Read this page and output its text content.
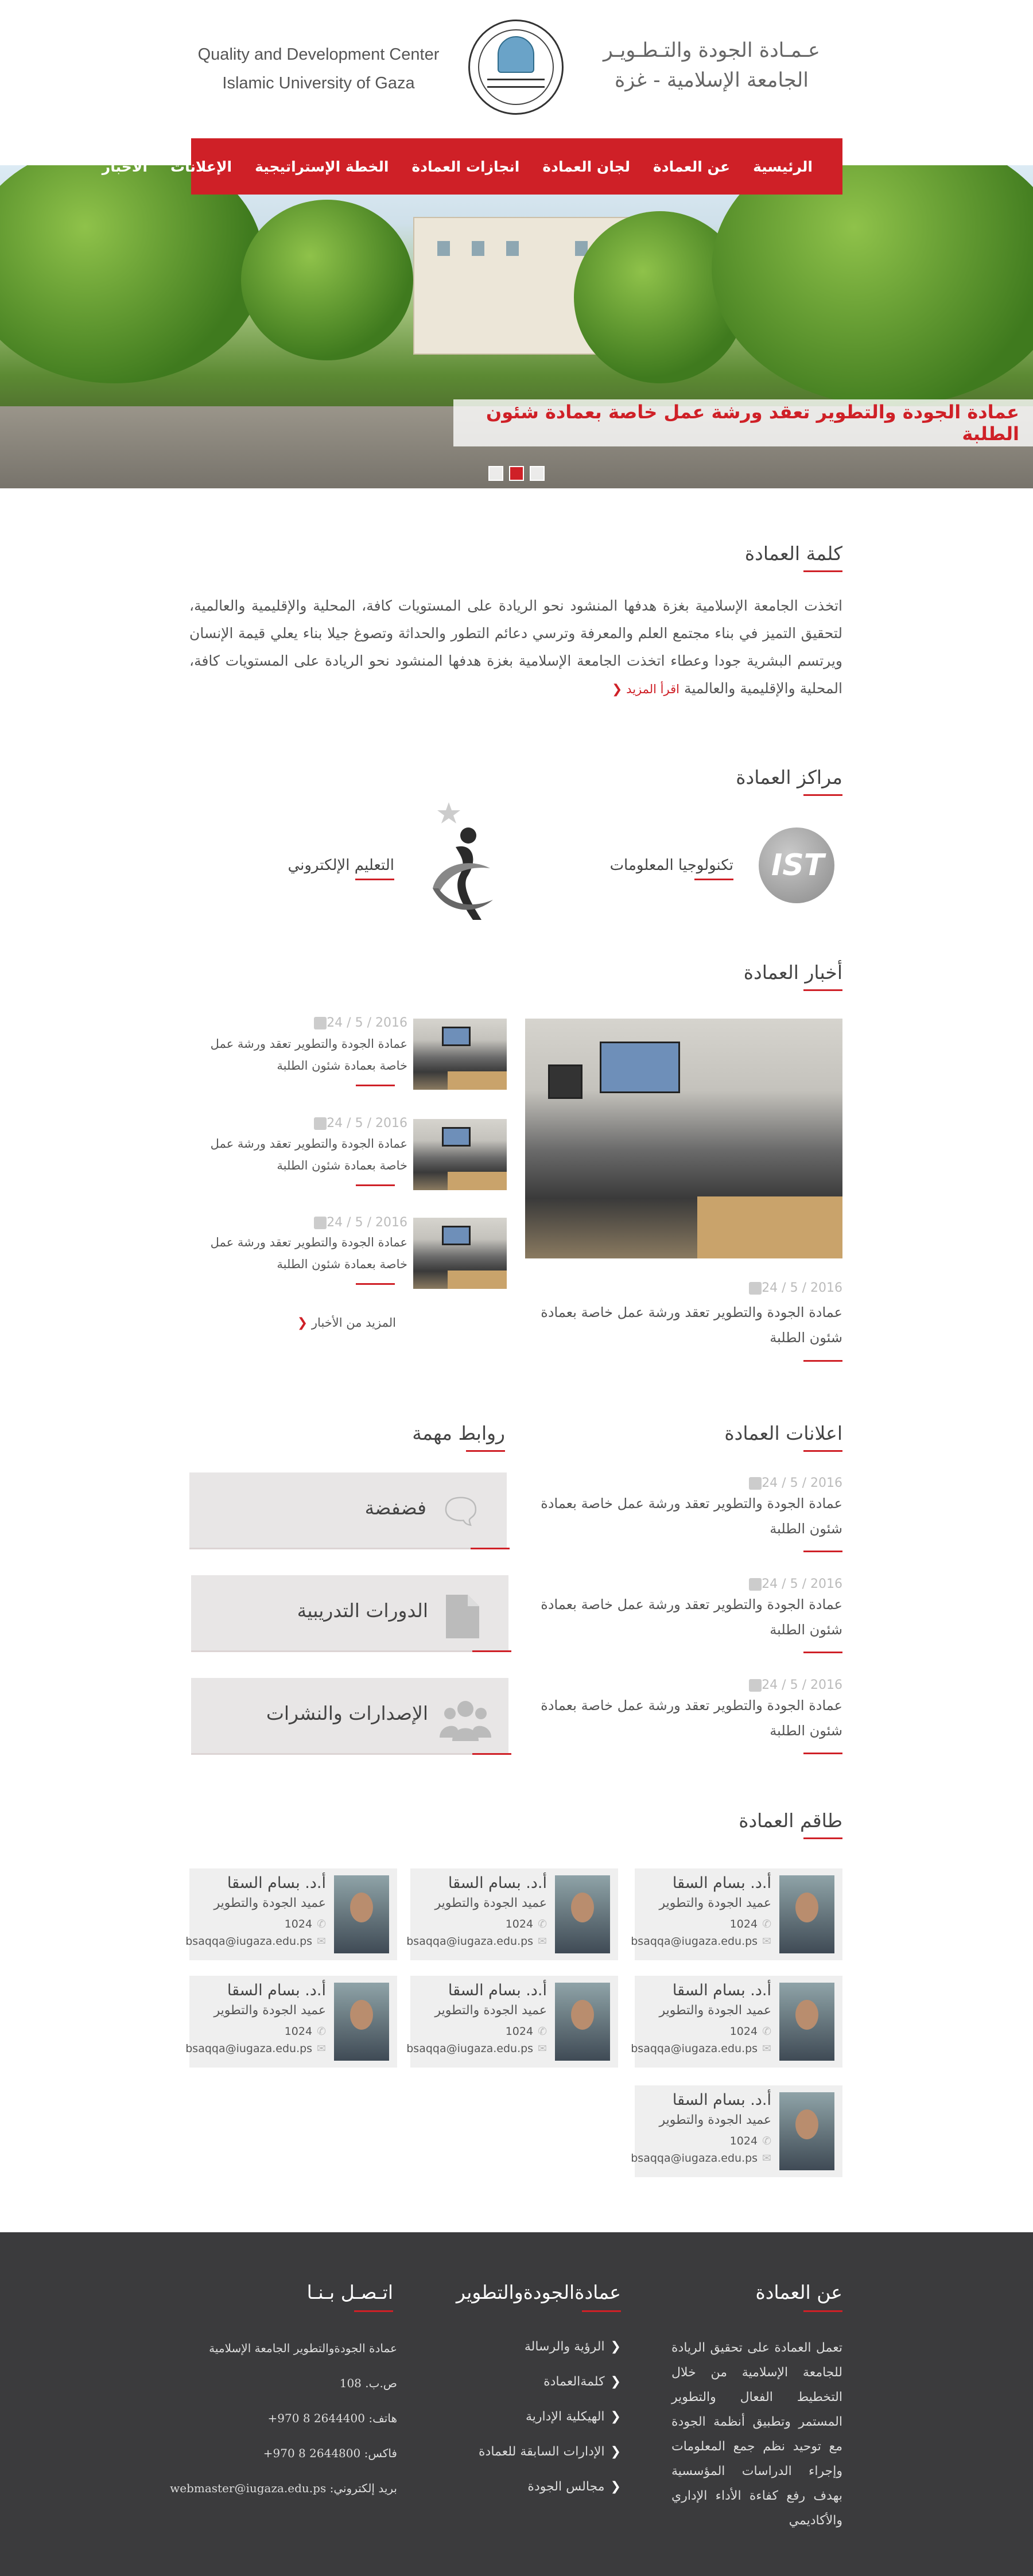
Quality and Development Center
Islamic University of Gaza
عـمـادة الجودة والتـطـويـر
الجامعة الإسلامية - غزة
عمادة الجودة والتطوير تعقد ورشة عمل خاصة بعمادة شئون الطلبة
الرئيسية
عن العمادة
لجان العمادة
انجازات العمادة
الخطة الإستراتيجية
الإعلانات
الأخبار
كلمة العمادة
اتخذت الجامعة الإسلامية بغزة هدفها المنشود نحو الريادة على المستويات كافة، المحلية والإقليمية والعالمية، لتحقيق التميز في بناء مجتمع العلم والمعرفة وترسي دعائم التطور والحداثة وتصوغ جيلا بناء يعلي قيمة الإنسان ويرتسم البشرية جودا وعطاء اتخذت الجامعة الإسلامية بغزة هدفها المنشود نحو الريادة على المستويات كافة، المحلية والإقليمية والعالمية اقرأ المزيد ❮
مراكز العمادة
IST
تكنولوجيا المعلومات
التعليم الإلكتروني
أخبار العمادة
2016 / 5 / 24
عمادة الجودة والتطوير تعقد ورشة عمل خاصة بعمادة شئون الطلبة
2016 / 5 / 24
عمادة الجودة والتطوير تعقد ورشة عمل خاصة بعمادة شئون الطلبة
2016 / 5 / 24
عمادة الجودة والتطوير تعقد ورشة عمل خاصة بعمادة شئون الطلبة
2016 / 5 / 24
عمادة الجودة والتطوير تعقد ورشة عمل خاصة بعمادة شئون الطلبة
المزيد من الأخبار ❮
اعلانات العمادة
2016 / 5 / 24
عمادة الجودة والتطوير تعقد ورشة عمل خاصة بعمادة شئون الطلبة
2016 / 5 / 24
عمادة الجودة والتطوير تعقد ورشة عمل خاصة بعمادة شئون الطلبة
2016 / 5 / 24
عمادة الجودة والتطوير تعقد ورشة عمل خاصة بعمادة شئون الطلبة
روابط مهمة
🗨
فضفضة
الدورات التدريبية
الإصدارات والنشرات
طاقم العمادة
أ.د. بسام السقا
عميد الجودة والتطوير
✆1024
bsaqqa@iugaza.edu.ps ✉
أ.د. بسام السقا
عميد الجودة والتطوير
✆1024
bsaqqa@iugaza.edu.ps ✉
أ.د. بسام السقا
عميد الجودة والتطوير
✆1024
bsaqqa@iugaza.edu.ps ✉
أ.د. بسام السقا
عميد الجودة والتطوير
✆1024
bsaqqa@iugaza.edu.ps ✉
أ.د. بسام السقا
عميد الجودة والتطوير
✆1024
bsaqqa@iugaza.edu.ps ✉
أ.د. بسام السقا
عميد الجودة والتطوير
✆1024
bsaqqa@iugaza.edu.ps ✉
أ.د. بسام السقا
عميد الجودة والتطوير
✆1024
bsaqqa@iugaza.edu.ps ✉
عن العمادة
تعمل العمادة على تحقيق الريادة للجامعة الإسلامية من خلال التخطيط الفعال والتطوير المستمر وتطبيق أنظمة الجودة مع توحيد نظم جمع المعلومات وإجراء الدراسات المؤسسية بهدف رفع كفاءة الأداء الإداري والأكاديمي
عمادةالجودةوالتطوير
❮الرؤية والرسالة
❮كلمةالعمادة
❮الهيكلية الإدارية
❮الإدارات السابقة للعمادة
❮مجالس الجودة
اتـصـل بـنـا
عمادة الجودةوالتطوير الجامعة الإسلامية
ص.ب. 108
هاتف: 2644400 8 970+
فاكس: 2644800 8 970+
بريد إلكتروني: webmaster@iugaza.edu.ps
